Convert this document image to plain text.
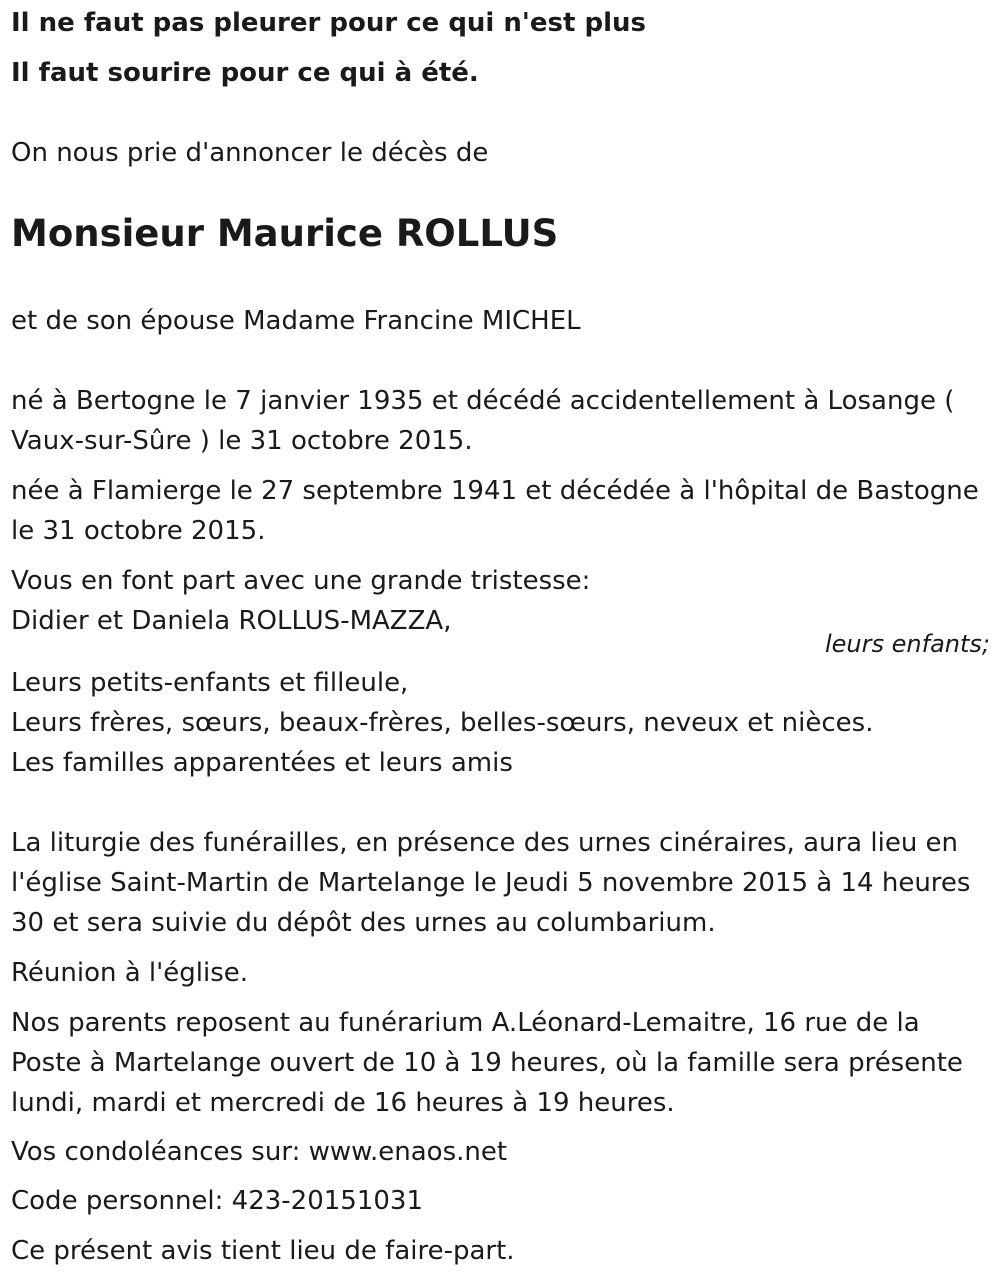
Il ne faut pas pleurer pour ce qui n'est plus
Il faut sourire pour ce qui à été.
On nous prie d'annoncer le décès de
Monsieur Maurice ROLLUS
et de son épouse Madame Francine MICHEL
né à Bertogne le 7 janvier 1935 et décédé accidentellement à Losange (
Vaux-sur-Sûre ) le 31 octobre 2015.
née à Flamierge le 27 septembre 1941 et décédée à l'hôpital de Bastogne
le 31 octobre 2015.
Vous en font part avec une grande tristesse:
Didier et Daniela ROLLUS-MAZZA,
leurs enfants;
Leurs petits-enfants et filleule,
Leurs frères, sœurs, beaux-frères, belles-sœurs, neveux et nièces.
Les familles apparentées et leurs amis
La liturgie des funérailles, en présence des urnes cinéraires, aura lieu en
l'église Saint-Martin de Martelange le Jeudi 5 novembre 2015 à 14 heures
30 et sera suivie du dépôt des urnes au columbarium.
Réunion à l'église.
Nos parents reposent au funérarium A.Léonard-Lemaitre, 16 rue de la
Poste à Martelange ouvert de 10 à 19 heures, où la famille sera présente
lundi, mardi et mercredi de 16 heures à 19 heures.
Vos condoléances sur: www.enaos.net
Code personnel: 423-20151031
Ce présent avis tient lieu de faire-part.
